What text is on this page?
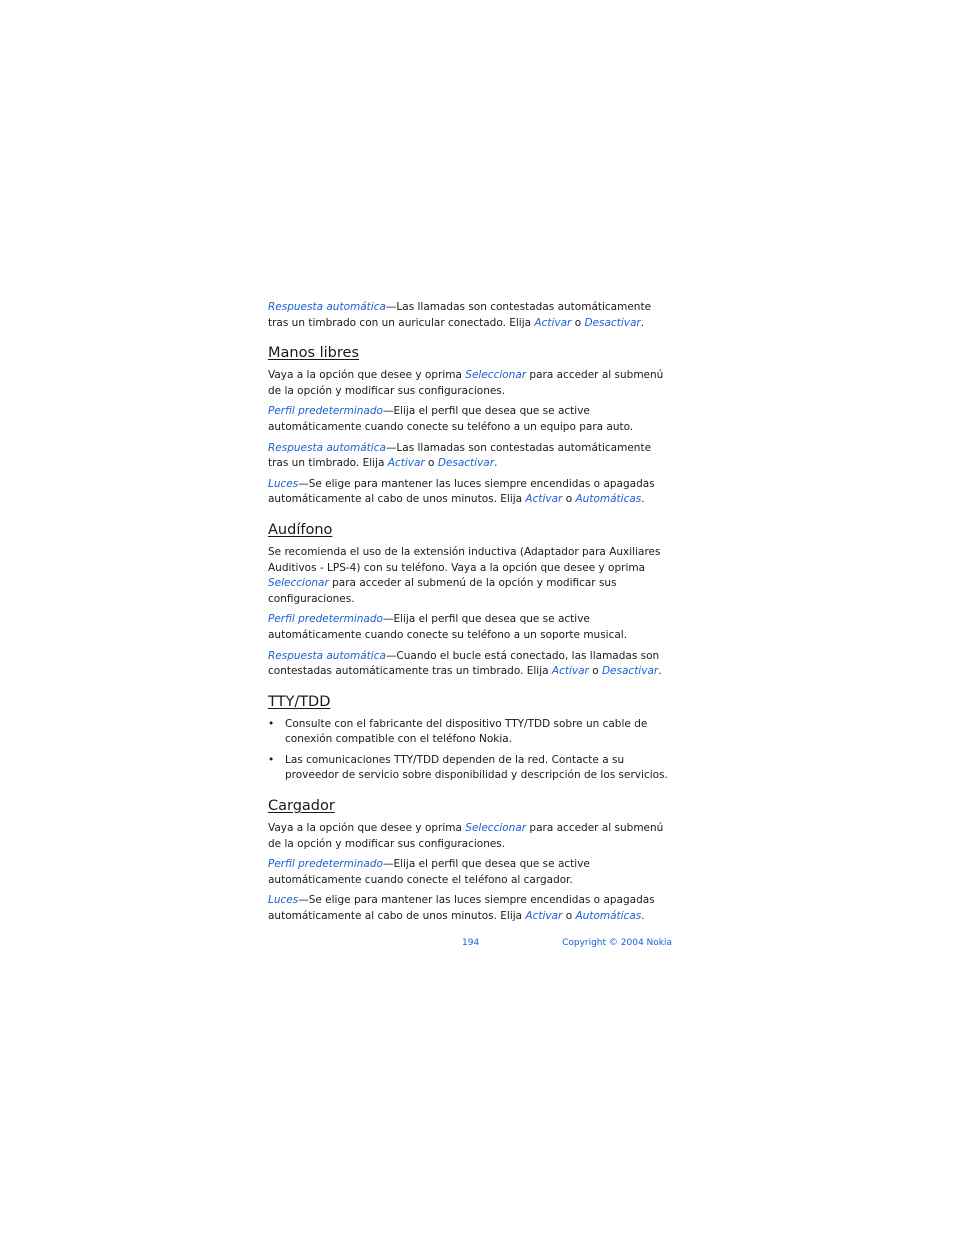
Respuesta automática—Las llamadas son contestadas automáticamente tras un timbrado con un auricular conectado. Elija Activar o Desactivar.

Manos libres

Vaya a la opción que desee y oprima Seleccionar para acceder al submenú de la opción y modificar sus configuraciones.

Perfil predeterminado—Elija el perfil que desea que se active automáticamente cuando conecte su teléfono a un equipo para auto.

Respuesta automática—Las llamadas son contestadas automáticamente tras un timbrado. Elija Activar o Desactivar.

Luces—Se elige para mantener las luces siempre encendidas o apagadas automáticamente al cabo de unos minutos. Elija Activar o Automáticas.

Audífono

Se recomienda el uso de la extensión inductiva (Adaptador para Auxiliares Auditivos - LPS-4) con su teléfono. Vaya a la opción que desee y oprima Seleccionar para acceder al submenú de la opción y modificar sus configuraciones.

Perfil predeterminado—Elija el perfil que desea que se active automáticamente cuando conecte su teléfono a un soporte musical.

Respuesta automática—Cuando el bucle está conectado, las llamadas son contestadas automáticamente tras un timbrado. Elija Activar o Desactivar.

TTY/TDD
• Consulte con el fabricante del dispositivo TTY/TDD sobre un cable de conexión compatible con el teléfono Nokia.
• Las comunicaciones TTY/TDD dependen de la red. Contacte a su proveedor de servicio sobre disponibilidad y descripción de los servicios.
Cargador

Vaya a la opción que desee y oprima Seleccionar para acceder al submenú de la opción y modificar sus configuraciones.

Perfil predeterminado—Elija el perfil que desea que se active automáticamente cuando conecte el teléfono al cargador.

Luces—Se elige para mantener las luces siempre encendidas o apagadas automáticamente al cabo de unos minutos. Elija Activar o Automáticas.

194	Copyright © 2004 Nokia
